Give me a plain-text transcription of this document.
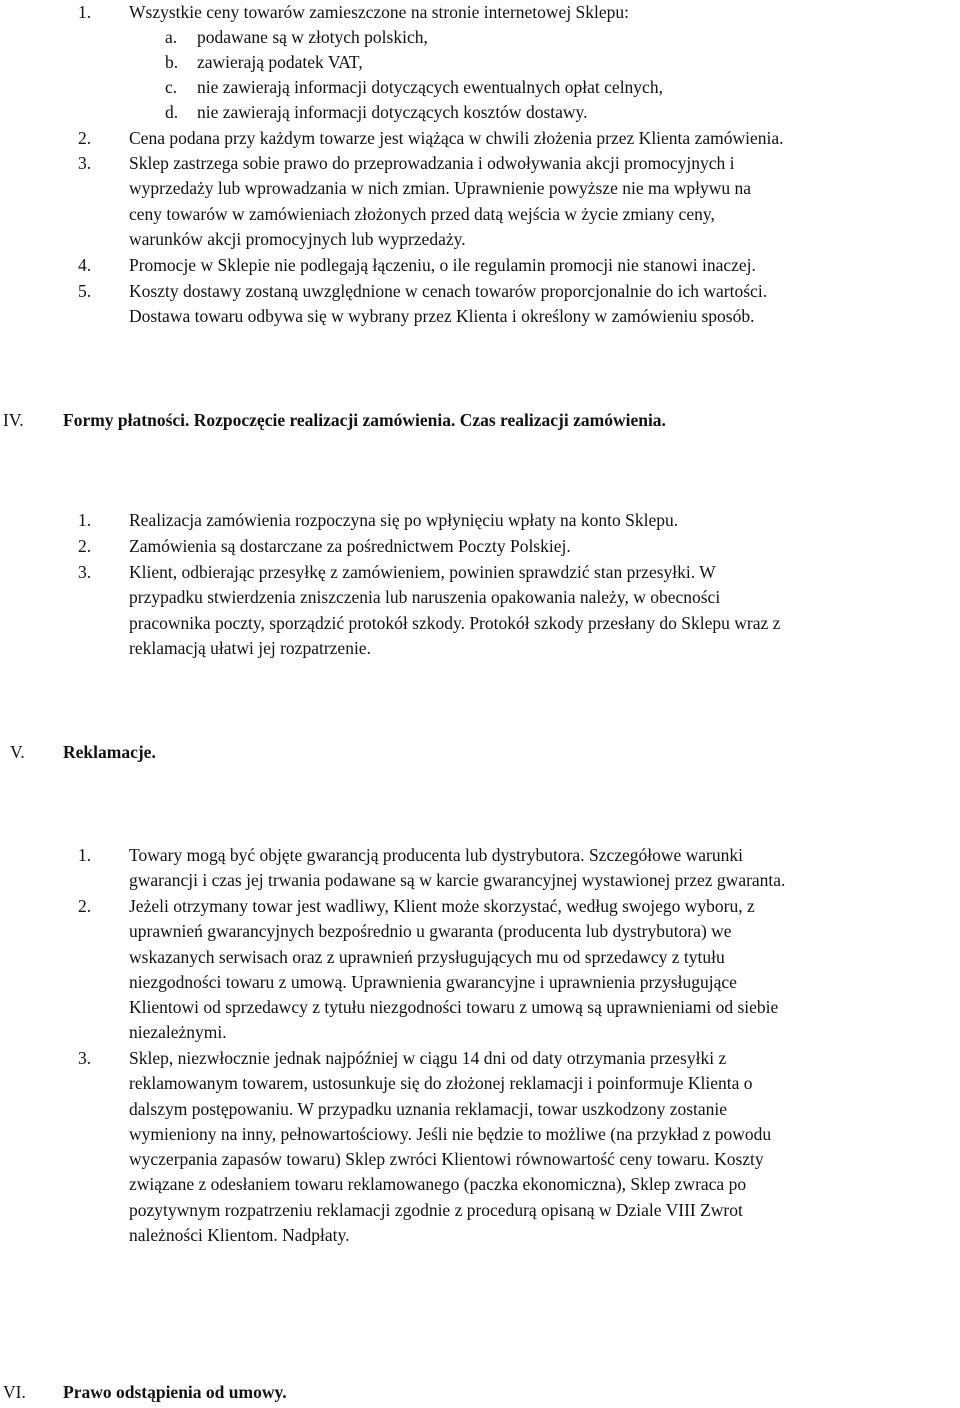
1. Wszystkie ceny towarów zamieszczone na stronie internetowej Sklepu:

a. podawane są w złotych polskich,
b. zawierają podatek VAT,
c. nie zawierają informacji dotyczących ewentualnych opłat celnych,
d. nie zawierają informacji dotyczących kosztów dostawy.
2. Cena podana przy każdym towarze jest wiążąca w chwili złożenia przez Klienta zamówienia.

3. Sklep zastrzega sobie prawo do przeprowadzania i odwoływania akcji promocyjnych i
wyprzedaży lub wprowadzania w nich zmian. Uprawnienie powyższe nie ma wpływu na
ceny towarów w zamówieniach złożonych przed datą wejścia w życie zmiany ceny,
warunków akcji promocyjnych lub wyprzedaży.

4. Promocje w Sklepie nie podlegają łączeniu, o ile regulamin promocji nie stanowi inaczej.

5. Koszty dostawy zostaną uwzględnione w cenach towarów proporcjonalnie do ich wartości.
Dostawa towaru odbywa się w wybrany przez Klienta i określony w zamówieniu sposób.

IV. Formy płatności. Rozpoczęcie realizacji zamówienia. Czas realizacji zamówienia.
1. Realizacja zamówienia rozpoczyna się po wpłynięciu wpłaty na konto Sklepu.

2. Zamówienia są dostarczane za pośrednictwem Poczty Polskiej.

3. Klient, odbierając przesyłkę z zamówieniem, powinien sprawdzić stan przesyłki. W
przypadku stwierdzenia zniszczenia lub naruszenia opakowania należy, w obecności
pracownika poczty, sporządzić protokół szkody. Protokół szkody przesłany do Sklepu wraz z
reklamacją ułatwi jej rozpatrzenie.

V. Reklamacje.
1. Towary mogą być objęte gwarancją producenta lub dystrybutora. Szczegółowe warunki
gwarancji i czas jej trwania podawane są w karcie gwarancyjnej wystawionej przez gwaranta.

2. Jeżeli otrzymany towar jest wadliwy, Klient może skorzystać, według swojego wyboru, z
uprawnień gwarancyjnych bezpośrednio u gwaranta (producenta lub dystrybutora) we
wskazanych serwisach oraz z uprawnień przysługujących mu od sprzedawcy z tytułu
niezgodności towaru z umową. Uprawnienia gwarancyjne i uprawnienia przysługujące
Klientowi od sprzedawcy z tytułu niezgodności towaru z umową są uprawnieniami od siebie
niezależnymi.

3. Sklep, niezwłocznie jednak najpóźniej w ciągu 14 dni od daty otrzymania przesyłki z
reklamowanym towarem, ustosunkuje się do złożonej reklamacji i poinformuje Klienta o
dalszym postępowaniu. W przypadku uznania reklamacji, towar uszkodzony zostanie
wymieniony na inny, pełnowartościowy. Jeśli nie będzie to możliwe (na przykład z powodu
wyczerpania zapasów towaru) Sklep zwróci Klientowi równowartość ceny towaru. Koszty
związane z odesłaniem towaru reklamowanego (paczka ekonomiczna), Sklep zwraca po
pozytywnym rozpatrzeniu reklamacji zgodnie z procedurą opisaną w Dziale VIII Zwrot
należności Klientom. Nadpłaty.

VI. Prawo odstąpienia od umowy.
